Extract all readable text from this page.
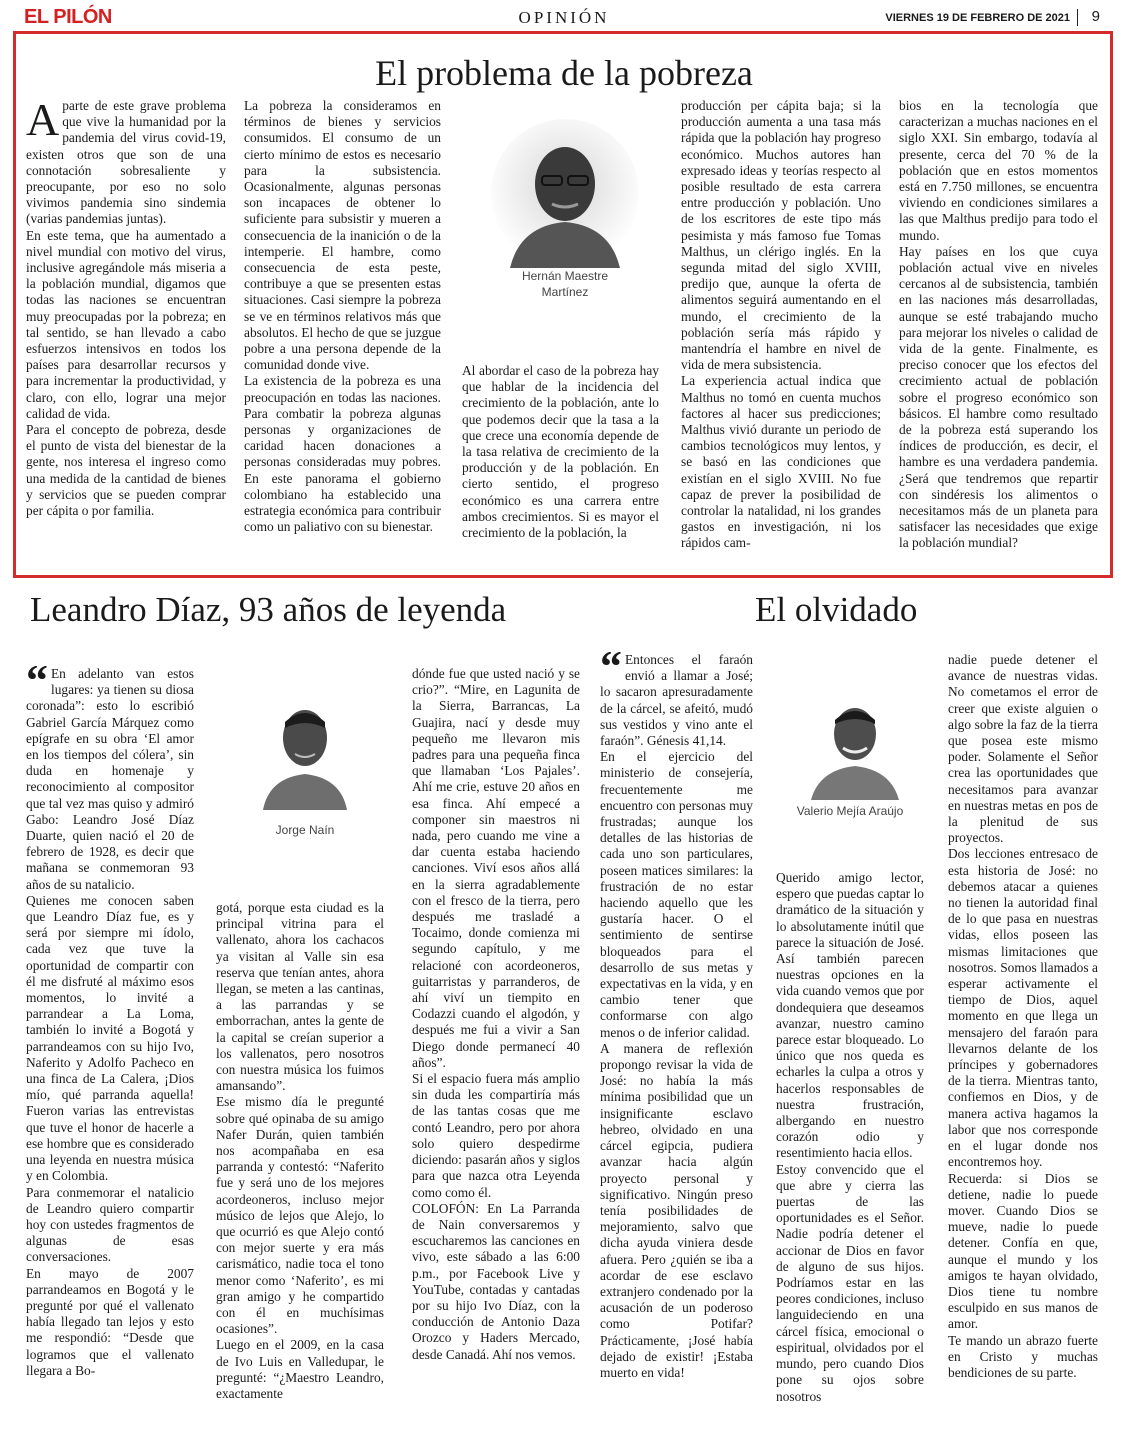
EL PILÓN	OPINIÓN	VIERNES 19 DE FEBRERO DE 2021 9
El problema de la pobreza

Aparte de este grave problema que vive la humanidad por la pandemia del virus covid-19, existen otros que son de una connotación sobresaliente y preocupante, por eso no solo vivimos pandemia sino sindemia (varias pandemias juntas).

En este tema, que ha aumentado a nivel mundial con motivo del virus, inclusive agregándole más miseria a la población mundial, digamos que todas las naciones se encuentran muy preocupadas por la pobreza; en tal sentido, se han llevado a cabo esfuerzos intensivos en todos los países para desarrollar recursos y para incrementar la productividad, y claro, con ello, lograr una mejor calidad de vida.

Para el concepto de pobreza, desde el punto de vista del bienestar de la gente, nos interesa el ingreso como una medida de la cantidad de bienes y servicios que se pueden comprar per cápita o por familia.

La pobreza la consideramos en términos de bienes y servicios consumidos. El consumo de un cierto mínimo de estos es necesario para la subsistencia. Ocasionalmente, algunas personas son incapaces de obtener lo suficiente para subsistir y mueren a consecuencia de la inanición o de la intemperie. El hambre, como consecuencia de esta peste, contribuye a que se presenten estas situaciones. Casi siempre la pobreza se ve en términos relativos más que absolutos. El hecho de que se juzgue pobre a una persona depende de la comunidad donde vive.

La existencia de la pobreza es una preocupación en todas las naciones. Para combatir la pobreza algunas personas y organizaciones de caridad hacen donaciones a personas consideradas muy pobres. En este panorama el gobierno colombiano ha establecido una estrategia económica para contribuir como un paliativo con su bienestar.

Hernán Maestre
Martínez

Al abordar el caso de la pobreza hay que hablar de la incidencia del crecimiento de la población, ante lo que podemos decir que la tasa a la que crece una economía depende de la tasa relativa de crecimiento de la producción y de la población. En cierto sentido, el progreso económico es una carrera entre ambos crecimientos. Si es mayor el crecimiento de la población, la

producción per cápita baja; si la producción aumenta a una tasa más rápida que la población hay progreso económico. Muchos autores han expresado ideas y teorías respecto al posible resultado de esta carrera entre producción y población. Uno de los escritores de este tipo más pesimista y más famoso fue Tomas Malthus, un clérigo inglés. En la segunda mitad del siglo XVIII, predijo que, aunque la oferta de alimentos seguirá aumentando en el mundo, el crecimiento de la población sería más rápido y mantendría el hambre en nivel de vida de mera subsistencia.

La experiencia actual indica que Malthus no tomó en cuenta muchos factores al hacer sus predicciones; Malthus vivió durante un periodo de cambios tecnológicos muy lentos, y se basó en las condiciones que existían en el siglo XVIII. No fue capaz de prever la posibilidad de controlar la natalidad, ni los grandes gastos en investigación, ni los rápidos cam-

bios en la tecnología que caracterizan a muchas naciones en el siglo XXI. Sin embargo, todavía al presente, cerca del 70 % de la población que en estos momentos está en 7.750 millones, se encuentra viviendo en condiciones similares a las que Malthus predijo para todo el mundo.

Hay países en los que cuya población actual vive en niveles cercanos al de subsistencia, también en las naciones más desarrolladas, aunque se esté trabajando mucho para mejorar los niveles o calidad de vida de la gente. Finalmente, es preciso conocer que los efectos del crecimiento actual de población sobre el progreso económico son básicos. El hambre como resultado de la pobreza está superando los índices de producción, es decir, el hambre es una verdadera pandemia. ¿Será que tendremos que repartir con sindéresis los alimentos o necesitamos más de un planeta para satisfacer las necesidades que exige la población mundial?

Leandro Díaz, 93 años de leyenda	El olvidado

“ En adelanto van estos lugares: ya tienen su diosa coronada”: esto lo escribió Gabriel García Márquez como epígrafe en su obra ‘El amor en los tiempos del cólera’, sin duda en homenaje y reconocimiento al compositor que tal vez mas quiso y admiró Gabo: Leandro José Díaz Duarte, quien nació el 20 de febrero de 1928, es decir que mañana se conmemoran 93 años de su natalicio.

Quienes me conocen saben que Leandro Díaz fue, es y será por siempre mi ídolo, cada vez que tuve la oportunidad de compartir con él me disfruté al máximo esos momentos, lo invité a parrandear a La Loma, también lo invité a Bogotá y parrandeamos con su hijo Ivo, Naferito y Adolfo Pacheco en una finca de La Calera, ¡Dios mío, qué parranda aquella! Fueron varias las entrevistas que tuve el honor de hacerle a ese hombre que es considerado una leyenda en nuestra música y en Colombia.

Para conmemorar el natalicio de Leandro quiero compartir hoy con ustedes fragmentos de algunas de esas conversaciones.

En mayo de 2007 parrandeamos en Bogotá y le pregunté por qué el vallenato había llegado tan lejos y esto me respondió: “Desde que logramos que el vallenato llegara a Bo-

Jorge Naín

gotá, porque esta ciudad es la principal vitrina para el vallenato, ahora los cachacos ya visitan al Valle sin esa reserva que tenían antes, ahora llegan, se meten a las cantinas, a las parrandas y se emborrachan, antes la gente de la capital se creían superior a los vallenatos, pero nosotros con nuestra música los fuimos amansando”.

Ese mismo día le pregunté sobre qué opinaba de su amigo Nafer Durán, quien también nos acompañaba en esa parranda y contestó: “Naferito fue y será uno de los mejores acordeoneros, incluso mejor músico de lejos que Alejo, lo que ocurrió es que Alejo contó con mejor suerte y era más carismático, nadie toca el tono menor como ‘Naferito’, es mi gran amigo y he compartido con él en muchísimas ocasiones”.

Luego en el 2009, en la casa de Ivo Luis en Valledupar, le pregunté: “¿Maestro Leandro, exactamente

dónde fue que usted nació y se crio?”. “Mire, en Lagunita de la Sierra, Barrancas, La Guajira, nací y desde muy pequeño me llevaron mis padres para una pequeña finca que llamaban ‘Los Pajales’. Ahí me crie, estuve 20 años en esa finca. Ahí empecé a componer sin maestros ni nada, pero cuando me vine a dar cuenta estaba haciendo canciones. Viví esos años allá en la sierra agradablemente con el fresco de la tierra, pero después me trasladé a Tocaimo, donde comienza mi segundo capítulo, y me relacioné con acordeoneros, guitarristas y parranderos, de ahí viví un tiempito en Codazzi cuando el algodón, y después me fui a vivir a San Diego donde permanecí 40 años”.

Si el espacio fuera más amplio sin duda les compartiría más de las tantas cosas que me contó Leandro, pero por ahora solo quiero despedirme diciendo: pasarán años y siglos para que nazca otra Leyenda como como él.

COLOFÓN: En La Parranda de Nain conversaremos y escucharemos las canciones en vivo, este sábado a las 6:00 p.m., por Facebook Live y YouTube, contadas y cantadas por su hijo Ivo Díaz, con la conducción de Antonio Daza Orozco y Haders Mercado, desde Canadá. Ahí nos vemos.

“ Entonces el faraón envió a llamar a José; lo sacaron apresuradamente de la cárcel, se afeitó, mudó sus vestidos y vino ante el faraón”. Génesis 41,14.

En el ejercicio del ministerio de consejería, frecuentemente me encuentro con personas muy frustradas; aunque los detalles de las historias de cada uno son particulares, poseen matices similares: la frustración de no estar haciendo aquello que les gustaría hacer. O el sentimiento de sentirse bloqueados para el desarrollo de sus metas y expectativas en la vida, y en cambio tener que conformarse con algo menos o de inferior calidad.

A manera de reflexión propongo revisar la vida de José: no había la más mínima posibilidad que un insignificante esclavo hebreo, olvidado en una cárcel egipcia, pudiera avanzar hacia algún proyecto personal y significativo. Ningún preso tenía posibilidades de mejoramiento, salvo que dicha ayuda viniera desde afuera. Pero ¿quién se iba a acordar de ese esclavo extranjero condenado por la acusación de un poderoso como Potifar? Prácticamente, ¡José había dejado de existir! ¡Estaba muerto en vida!

Valerio Mejía Araújo

Querido amigo lector, espero que puedas captar lo dramático de la situación y lo absolutamente inútil que parece la situación de José. Así también parecen nuestras opciones en la vida cuando vemos que por dondequiera que deseamos avanzar, nuestro camino parece estar bloqueado. Lo único que nos queda es echarles la culpa a otros y hacerlos responsables de nuestra frustración, albergando en nuestro corazón odio y resentimiento hacia ellos.

Estoy convencido que el que abre y cierra las puertas de las oportunidades es el Señor. Nadie podría detener el accionar de Dios en favor de alguno de sus hijos. Podríamos estar en las peores condiciones, incluso languideciendo en una cárcel física, emocional o espiritual, olvidados por el mundo, pero cuando Dios pone su ojos sobre nosotros

nadie puede detener el avance de nuestras vidas. No cometamos el error de creer que existe alguien o algo sobre la faz de la tierra que posea este mismo poder. Solamente el Señor crea las oportunidades que necesitamos para avanzar en nuestras metas en pos de la plenitud de sus proyectos.

Dos lecciones entresaco de esta historia de José: no debemos atacar a quienes no tienen la autoridad final de lo que pasa en nuestras vidas, ellos poseen las mismas limitaciones que nosotros. Somos llamados a esperar activamente el tiempo de Dios, aquel momento en que llega un mensajero del faraón para llevarnos delante de los príncipes y gobernadores de la tierra. Mientras tanto, confiemos en Dios, y de manera activa hagamos la labor que nos corresponde en el lugar donde nos encontremos hoy.

Recuerda: si Dios se detiene, nadie lo puede mover. Cuando Dios se mueve, nadie lo puede detener. Confía en que, aunque el mundo y los amigos te hayan olvidado, Dios tiene tu nombre esculpido en sus manos de amor.

Te mando un abrazo fuerte en Cristo y muchas bendiciones de su parte.
